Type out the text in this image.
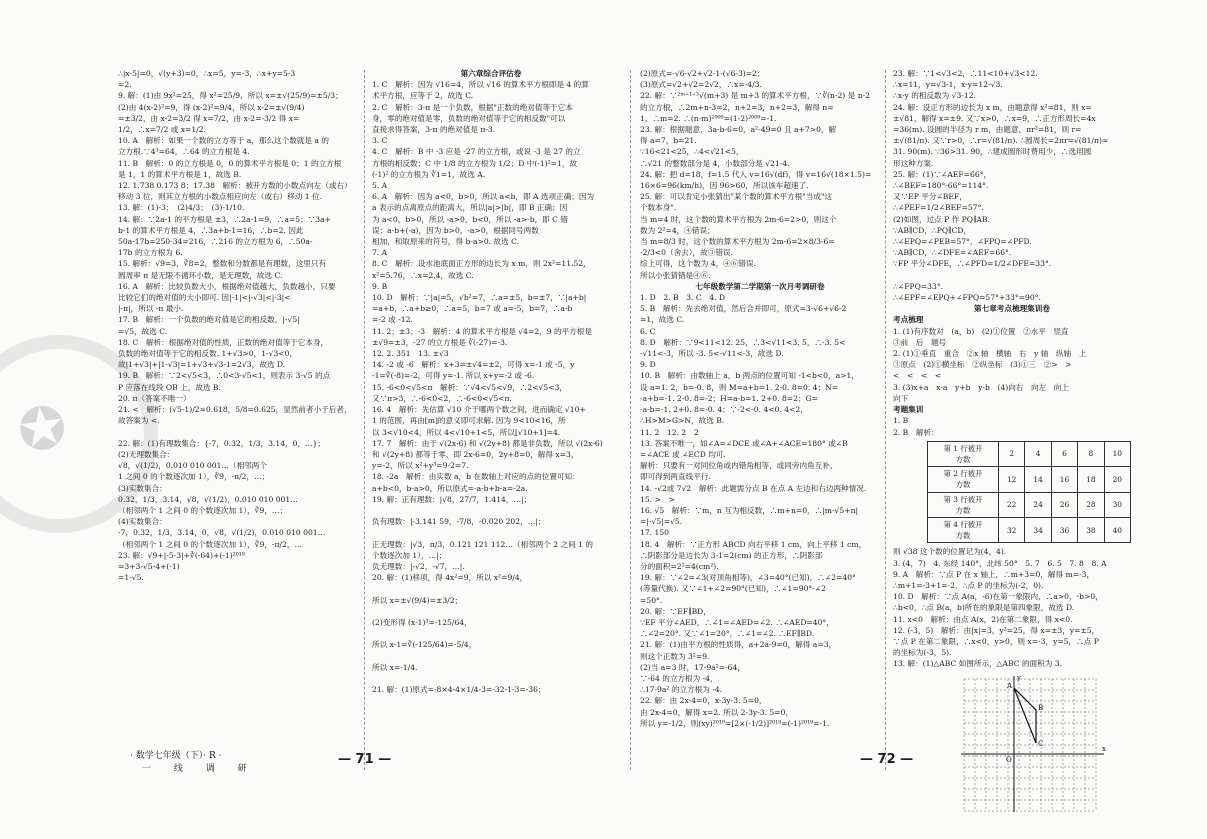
✪
∴|x-5|=0，√(y+3)=0，∴x=5，y=-3，∴x+y=5-3
=2.
9. 解：(1)由 9x²=25，得 x²=25/9，所以 x=±√(25/9)=±5/3；
(2)由 4(x-2)²=9，得 (x-2)²=9/4，所以 x-2=±√(9/4)
=±3/2，由 x-2=3/2 得 x=7/2，由 x-2=-3/2 得 x=
1/2，∴x=7/2 或 x=1/2.
10. A　解析：如果一个数的立方等于 a，那么这个数就是 a 的
立方根.∵4³=64，∴64 的立方根是 4.
11. B　解析：0 的立方根是 0，0 的算术平方根是 0；1 的立方根
是 1，1 的算术平方根是 1，故选 B.
12. 1.738 0.173 8；17.38　解析：被开方数的小数点向左（或右）
移动 3 位，则其立方根的小数点相应向左（或右）移动 1 位.
13. 解：(1)-3；　(2)4/3；　(3)-1/10.
14. 解：∵2a-1 的平方根是 ±3，∴2a-1=9，∴a=5；∵3a+
b-1 的算术平方根是 4，∴3a+b-1=16，∴b=2. 因此
50a-17b=250-34=216，∴216 的立方根为 6，∴50a-
17b 的立方根为 6.
15. 解析：√9=3，∛8=2，整数和分数都是有理数，这里只有
圆周率 π 是无限不循环小数，是无理数，故选 C.
16. A　解析：比较负数大小，根据绝对值越大，负数越小，只要
比较它们的绝对值的大小即可. 因|-1|<|-√3|<|-3|<
|-π|，所以 -π 最小.
17. B　解析：一个负数的绝对值是它的相反数，|-√5|
=√5，故选 C.
18. C　解析：根据绝对值的性质，正数的绝对值等于它本身，
负数的绝对值等于它的相反数. 1+√3>0，1-√3<0，
故|1+√3|+|1-√3|=1+√3+√3-1=2√3，故选 D.
19. B　解析：∵2<√5<3，∴0<3-√5<1，则表示 3-√5 的点
P 应落在线段 OB 上，故选 B.
20. π（答案不唯一）
21. <　解析：(√5-1)/2≈0.618，5/8=0.625，显然前者小于后者，
故答案为 <.

22. 解：(1)有理数集合：{-7，0.32，1/3，3.14，0，…}；
(2)无理数集合：
√8，√(1/2)，0.010 010 001…（相邻两个
1 之间 0 的个数逐次加 1），∛9，-π/2，…；
(3)实数集合：
0.32，1/3，3.14，√8，√(1/2)，0.010 010 001…
（相邻两个 1 之间 0 的个数逐次加 1），∛9，…；
(4)实数集合：
-7，0.32，1/3，3.14，0，√8，√(1/2)，0.010 010 001…
（相邻两个 1 之间 0 的个数逐次加 1），∛9，-π/2，…
23. 解：√9+|-5-3|+∛(-64)+(-1)²⁰¹⁹
=3+3-√5-4+(-1)
=1-√5.
第六章综合评估卷
1. C　解析：因为 √16=4，所以 √16 的算术平方根即是 4 的算
术平方根，应等于 2，故选 C.
2. C　解析：3-π 是一个负数，根据"正数的绝对值等于它本
身，零的绝对值是零，负数的绝对值等于它的相反数"可以
直接求得答案，3-π 的绝对值是 π-3.
3. C
4. C　解析：B 中 -3 应是 -27 的立方根，或说 -3 是 27 的立
方根的相反数；C 中 1/8 的立方根为 1/2；D 中(-1)²=1，故
(-1)² 的立方根为 ∛1=1，故选 A.
5. A
6. A　解析：因为 a<0，b>0，所以 a<b，即 A 选项正确；因为
a 表示的点离原点的距离大，所以|a|>|b|，即 B 正确；因
为 a<0，b>0，所以 -a>0，b<0，所以 -a>-b，即 C 错
误；a-b+(-a)，因为 b>0，-a>0，根据同号两数
相加，和取原来的符号，得 b-a>0. 故选 C.
7. A
8. C　解析：设水池底面正方形的边长为 x m，则 2x²=11.52，
x²=5.76，∴x=2.4，故选 C.
9. B
10. D　解析：∵|a|=5，√b²=7，∴a=±5，b=±7，∵|a+b|
=a+b，∴a+b≥0，∴a=5，b=7 或 a=-5，b=7，∴a-b
=-2 或 -12.
11. 2；±3；-3　解析：4 的算术平方根是 √4=2，9 的平方根是
±√9=±3，-27 的立方根是 ∛(-27)=-3.
12. 2. 351　13. ±√3
14. -2 或 -6　解析：x+3=±√4=±2，可得 x=-1 或 -5，y
-1=∛(-8)=-2，可得 y=-1. 所以 x+y=-2 或 -6.
15. -6<0<√5<π　解析：∵√4<√5<√9，∴2<√5<3，
又∵π>3，∴-6<0<2，∴-6<0<√5<π.
16. 4　解析：先估算 √10 介于哪两个数之间，进而确定 √10+
1 的范围，再由[m]的意义即可求解. 因为 9<10<16，所
以 3<√10<4，所以 4<√10+1<5，所以[√10+1]=4.
17. 7　解析：由于 √(2x-6) 和 √(2y+8) 都是非负数，所以 √(2x-6)
和 √(2y+8) 都等于零，即 2x-6=0，2y+8=0，解得 x=3，
y=-2，所以 x²+y³=9-2=7.
18. -2a　解析：由实数 a，b 在数轴上对应的点的位置可知：
a+b<0，b-a>0，所以原式=-a-b+b-a=-2a.
19. 解：正有理数：|√8，27/7，1.414，…|；

负有理数：|-3.141 59，-7/8，-0.020 202，…|；

正无理数：|√3，π/3，0.121 121 112…（相邻两个 2 之间 1 的
个数逐次加 1），…|；
负无理数：|-√2，-√7，…|.
20. 解：(1)移项，得 4x²=9，所以 x²=9/4，

所以 x=±√(9/4)=±3/2；

(2)变形得 (x-1)³=-125/64，

所以 x-1=∛(-125/64)=-5/4，

所以 x=-1/4.

21. 解：(1)原式=-8×4-4×1/4-3=-32-1-3=-36；
(2)原式=-√6-√2+√2-1-(√6-3)=2；
(3)原式=√2+√2=2√2，∴x=-4/3.
22. 解：∵²ᵐ⁺¹⁺³√(m+3) 是 m+3 的算术平方根，∵∛(n-2) 是 n-2
的立方根，∴2m+n-3=2，n+2=3，n+2=3，解得 n=
1，∴m=2. ∴(n-m)²⁰⁰⁹=(1-2)²⁰⁰⁹=-1.
23. 解：根据题意，3a-b-6=0，a²-49=0 且 a+7>0，解
得 a=7，b=21.
∵16<21<25，∴4<√21<5，
∴√21 的整数部分是 4，小数部分是 √21-4.
24. 解：把 d=18，f=1.5 代入 v=16√(df)，得 v=16√(18×1.5)=
16×6=96(km/h)，因 96>60，所以该车超速了.
25. 解：可以肯定小张猜出"某个数的算术平方根"当成"这
个数本身".
当 m=4 时，这个数的算术平方根为 2m-6=2>0，则这个
数为 2²=4，④错误；
当 m=8/3 时，这个数的算术平方根为 2m-6=2×8/3-6=
-2/3<0（舍去），故③错误.
综上可得，这个数为 4，④⑥错误.
所以小张猜错是④⑥.
七年级数学第二学期第一次月考调研卷
1. D　2. B　3. C　4. D
5. B　解析：先去绝对值，然后合并即可，原式=3-√6+√6-2
=1，故选 C.
6. C
8. D　解析：∵9<11<12. 25，∴3<√11<3. 5，∴-3. 5<
-√11<-3，所以 -3. 5<-√11<-3，故选 D.
9. D
10. B　解析：由数轴上 a，b 两点的位置可知 -1<b<0，a>1，
设 a=1. 2，b=-0. 8，则 M=a+b=1. 2-0. 8=0. 4；N=
-a+b=-1. 2-0. 8=-2；H=a-b=1. 2+0. 8=2；G=
-a-b=-1. 2+0. 8=-0. 4；∵-2<-0. 4<0. 4<2，
∴H>M>G>N，故选 B.
11. 2　12. 2　2
13. 答案不唯一，如∠A=∠DCE 或∠A+∠ACE=180° 或∠B
=∠ACE 或 ∠ECD 均可.
解析：只要有一对同位角或内错角相等，或同旁内角互补，
即可得到两直线平行.
14. -√2或 7√2　解析：此题需分点 B 在点 A 左边和右边两种情况.
15. >　>
16. √5　解析：∵m，n 互为相反数，∴m+n=0，∴|m-√5+n|
=|-√5|=√5.
17. 150
18. 4　解析：∵正方形 ABCD 向右平移 1 cm，向上平移 1 cm，
∴阴影部分是边长为 3-1=2(cm) 的正方形，∴阴影部
分的面积=2²=4(cm²).
19. 解：∵∠2=∠3(对顶角相等)，∠3=40°(已知)，∴∠2=40°
(等量代换). 又∵∠1+∠2=90°(已知)，∴∠1=90°-∠2
=50°.
20. 解：∵EF∥BD，
∵EF 平分∠AED，∴∠1=∠AED=∠2. ∴∠AED=40°，
∴∠2=20°. 又∵∠1=20°，∴∠1=∠2. ∴EF∥BD.
21. 解：(1)由平方根的性质得，a+2a-9=0，解得 a=3，
则这个正数为 3²=9.
(2)当 a=3 时，17-9a²=-64，
∵-64 的立方根为 -4，
∴17-9a² 的立方根为 -4.
22. 解：由 2x-4=0，x-3y-3. 5=0，
由 2x-4=0，解得 x=2. 所以 2-3y-3. 5=0，
所以 y=-1/2，则(xy)²⁰¹⁹=[2×(-1/2)]²⁰¹⁹=(-1)²⁰¹⁹=-1.
23. 解：∵1<√3<2，∴11<10+√3<12.
∴x=11，y=√3-1，x-y=12-√3.
∴x-y 的相反数为 √3-12.
24. 解：设正方形的边长为 x m，由题意得 x²=81，则 x=
±√81，解得 x=±9. 又∵x>0，∴x=9，∴正方形周长=4x
=36(m). 设圆的半径为 r m，由题意，πr²=81，则 r=
±√(81/π). 又∵r>0，∴r=√(81/π). ∴圆周长=2πr=√(81/π)≈
31. 90(m). ∵36>31. 90，∴建成圆形时费用少，∴选用圆
形这种方案.
25. 解：(1)∵∠AEF=66°，
∴∠BEF=180°-66°=114°.
又∵EP 平分∠BEF，
∴∠PEF=1/2∠BEF=57°.
(2)如图，过点 P 作 PQ∥AB.
∵AB∥CD，∴PQ∥CD，
∴∠EPQ=∠PEB=57°，∠FPQ=∠PFD.
∵AB∥CD，∴∠DFE=∠AEF=66°.
∵FP 平分∠DFE，∴∠PFD=1/2∠DFE=33°.

∴∠FPQ=33°.
∴∠EPF=∠EPQ+∠FPQ=57°+33°=90°.
第七章考点梳理集训卷
考点梳理
1. (1)有序数对　(a，b)　(2)①位置　②水平　竖直
③前　后　题号
2. (1)①垂直　重合　②x 轴　横轴　右　y 轴　纵轴　上
③原点　(2)①横坐标　②纵坐标　(3)①三　②>　>
<　<　<　<
3. (3)x+a　x-a　y+b　y-b　(4)向右　向左　向上
向下
考题集训
1. B
2. B　解析：
第 1 行被开方数	2	4	6	8	10
第 2 行被开方数	12	14	16	18	20
第 3 行被开方数	22	24	26	28	30
第 4 行被开方数	32	34	36	38	40
则 √38 这个数的位置记为(4，4).
3. (4，7)　4. 东经 140°，北纬 50°　5. 7　6. 5　7. 8　8. A
9. A　解析：∵点 P 在 x 轴上，∴m+3=0，解得 m=-3，
∴m+1=-3+1=-2，∴点 P 的坐标为(-2，0).
10. D　解析：∵点 A(a，-6)在第一象限内，∴a>0，-b>0，
∴b<0，∴点 B(a，b)所在的象限是第四象限，故选 D.
11. x<0　解析：由点 A(x，2)在第二象限，得 x<0.
12. (-3，5)　解析：由|x|=3，y²=25，得 x=±3，y=±5，
∵点 P 在第二象限，∴x<0，y>0，则 x=-3，y=5，∴点 P
的坐标为(-3，5).
13. 解：(1)△ABC 如图所示，△ABC 的面积为 3.
A
B
C
x
y
O
· 数学七年级（下）· R ·
一 线 调 研
— 71 —	— 72 —
